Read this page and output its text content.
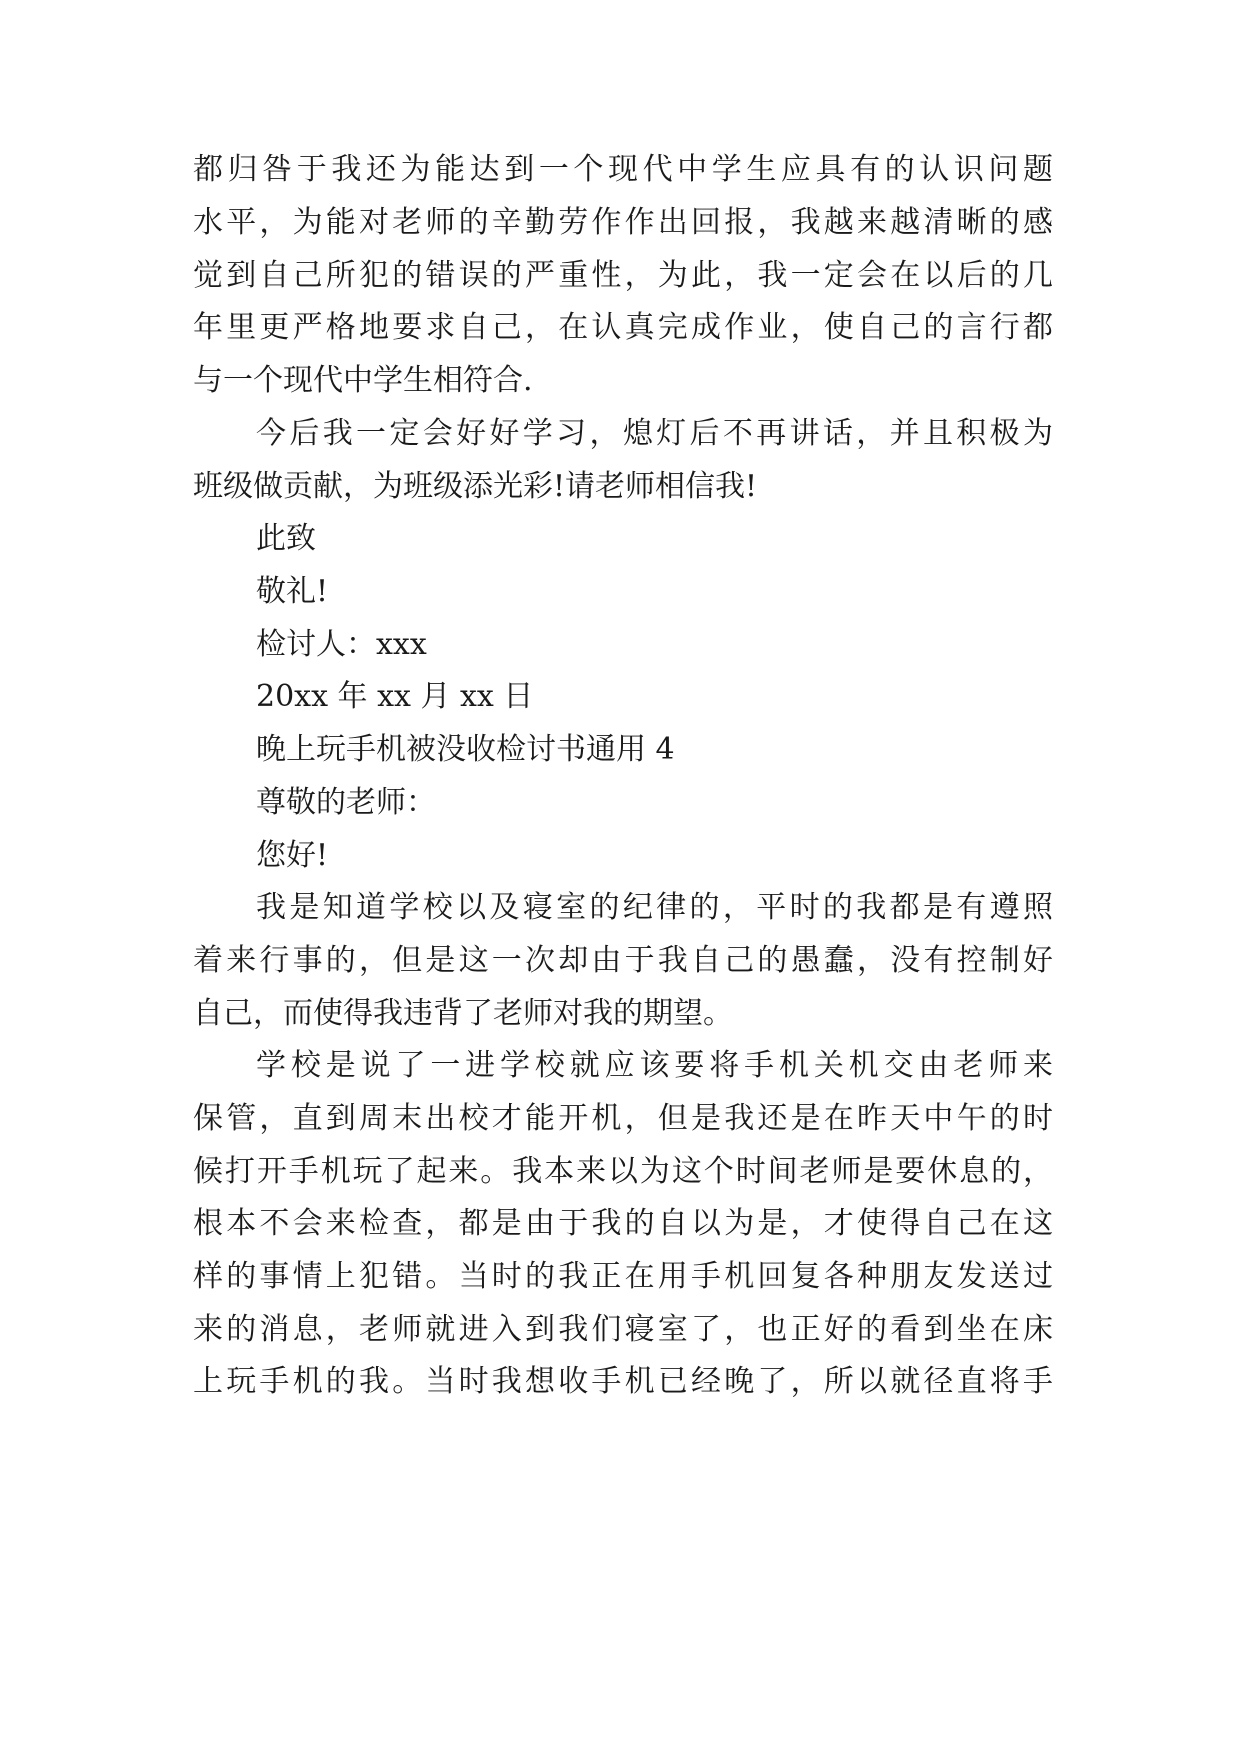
都归咎于我还为能达到一个现代中学生应具有的认识问题
水平，为能对老师的辛勤劳作作出回报，我越来越清晰的感
觉到自己所犯的错误的严重性，为此，我一定会在以后的几
年里更严格地要求自己，在认真完成作业，使自己的言行都
与一个现代中学生相符合.
今后我一定会好好学习，熄灯后不再讲话，并且积极为
班级做贡献，为班级添光彩!请老师相信我!
此致
敬礼!
检讨人：xxx
20xx 年 xx 月 xx 日
晚上玩手机被没收检讨书通用 4
尊敬的老师：
您好!
我是知道学校以及寝室的纪律的，平时的我都是有遵照
着来行事的，但是这一次却由于我自己的愚蠢，没有控制好
自己，而使得我违背了老师对我的期望。
学校是说了一进学校就应该要将手机关机交由老师来
保管，直到周末出校才能开机，但是我还是在昨天中午的时
候打开手机玩了起来。我本来以为这个时间老师是要休息的，
根本不会来检查，都是由于我的自以为是，才使得自己在这
样的事情上犯错。当时的我正在用手机回复各种朋友发送过
来的消息，老师就进入到我们寝室了，也正好的看到坐在床
上玩手机的我。当时我想收手机已经晚了，所以就径直将手
